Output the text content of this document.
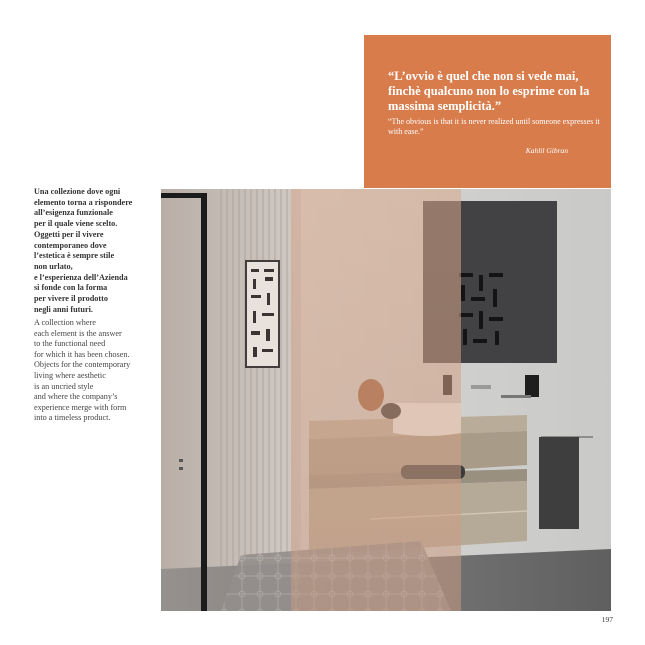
“L’ovvio è quel che non si vede mai, finchè qualcuno non lo esprime con la massima semplicità.”
“The obvious is that it is never realized until someone expresses it with ease.”
Kahlil Gibran
Una collezione dove ogni
elemento torna a rispondere
all’esigenza funzionale
per il quale viene scelto.
Oggetti per il vivere
contemporaneo dove
l’estetica è sempre stile
non urlato,
e l’esperienza dell’Azienda
si fonde con la forma
per vivere il prodotto
negli anni futuri.
A collection where
each element is the answer
to the functional need
for which it has been chosen.
Objects for the contemporary
living where aesthetic
is an uncried style
and where the company’s
experience merge with form
into a timeless product.
197
